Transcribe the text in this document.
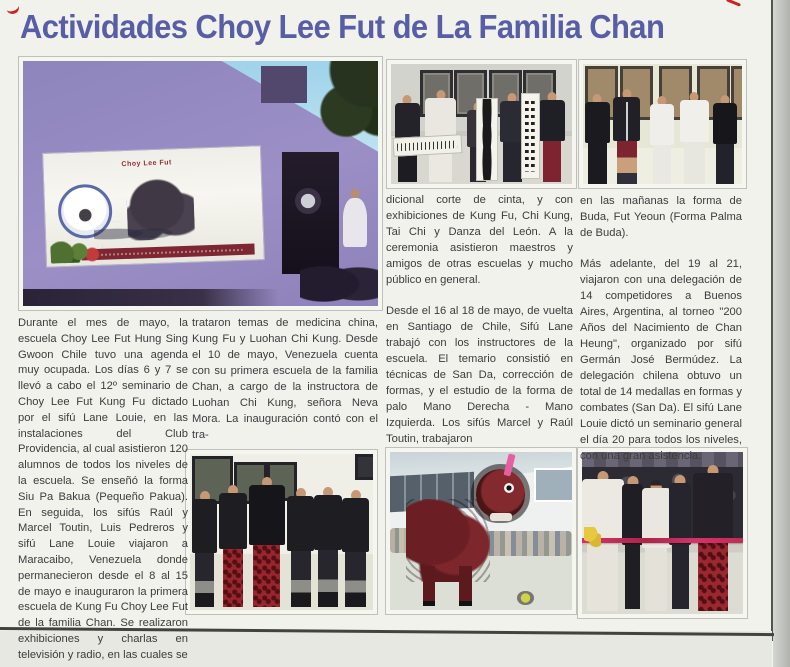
Actividades Choy Lee Fut de La Familia Chan
Choy Lee Fut

Durante el mes de mayo, la escuela Choy Lee Fut Hung Sing Gwoon Chile tuvo una agenda muy ocupada. Los días 6 y 7 se llevó a cabo el 12º seminario de Choy Lee Fut Kung Fu dictado por el sifú Lane Louie, en las instalaciones del Club Providencia, al cual asistieron 120 alumnos de todos los niveles de la escuela. Se enseñó la forma Siu Pa Bakua (Pequeño Pakua). En seguida, los sifús Raúl y Marcel Toutin, Luis Pedreros y sifú Lane Louie viajaron a Maracaibo, Venezuela donde permanecieron desde el 8 al 15 de mayo e inauguraron la primera escuela de Kung Fu Choy Lee Fut de la familia Chan. Se realizaron exhibiciones y charlas en televisión y radio, en las cuales se

trataron temas de medicina china, Kung Fu y Luohan Chi Kung. Desde el 10 de mayo, Venezuela cuenta con su primera escuela de la familia Chan, a cargo de la instructora de Luohan Chi Kung, señora Neva Mora. La inauguración contó con el tra-

dicional corte de cinta, y con exhibiciones de Kung Fu, Chi Kung, Tai Chi y Danza del León. A la ceremonia asistieron maestros y amigos de otras escuelas y mucho público en general.

Desde el 16 al 18 de mayo, de vuelta en Santiago de Chile, Sifú Lane trabajó con los instructores de la escuela. El temario consistió en técnicas de San Da, corrección de formas, y el estudio de la forma de palo Mano Derecha - Mano Izquierda. Los sifús Marcel y Raúl Toutin, trabajaron

en las mañanas la forma de Buda, Fut Yeoun (Forma Palma de Buda).

Más adelante, del 19 al 21, viajaron con una delegación de 14 competidores a Buenos Aires, Argentina, al torneo "200 Años del Nacimiento de Chan Heung", organizado por sifú Germán José Bermúdez. La delegación chilena obtuvo un total de 14 medallas en formas y combates (San Da). El sifú Lane Louie dictó un seminario general el día 20 para todos los niveles, con una gran asistencia.
